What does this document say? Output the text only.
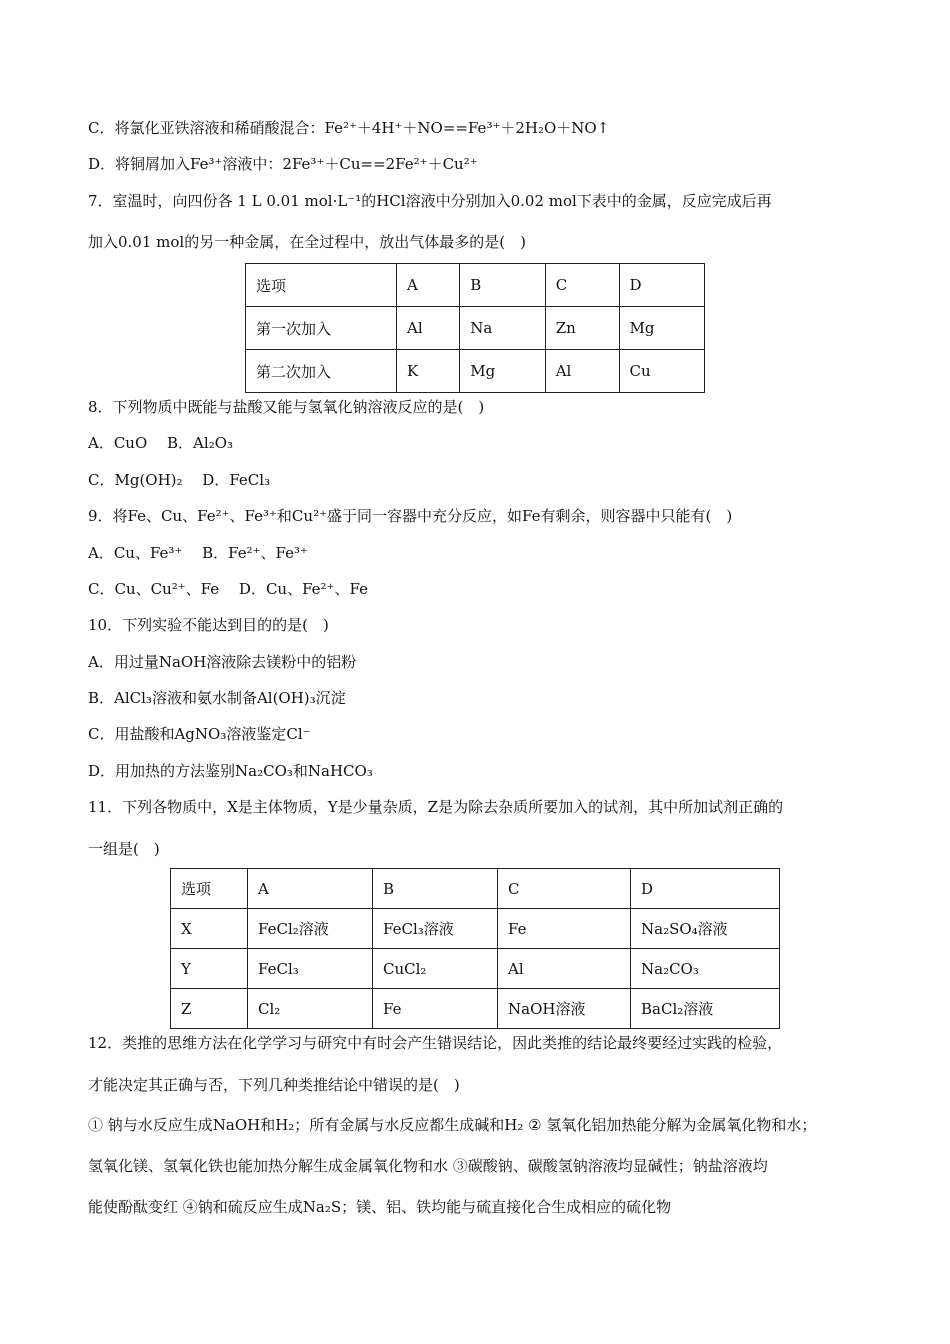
C．将氯化亚铁溶液和稀硝酸混合：Fe²⁺＋4H⁺＋NO==Fe³⁺＋2H₂O＋NO↑
D．将铜屑加入Fe³⁺溶液中：2Fe³⁺＋Cu==2Fe²⁺＋Cu²⁺
7．室温时，向四份各 1 L 0.01 mol·L⁻¹的HCl溶液中分别加入0.02 mol下表中的金属，反应完成后再
加入0.01 mol的另一种金属，在全过程中，放出气体最多的是(　)
选项	A	B	C	D
第一次加入	Al	Na	Zn	Mg
第二次加入	K	Mg	Al	Cu
8．下列物质中既能与盐酸又能与氢氧化钠溶液反应的是(　)
A．CuO　 B．Al₂O₃
C．Mg(OH)₂　 D．FeCl₃
9．将Fe、Cu、Fe²⁺、Fe³⁺和Cu²⁺盛于同一容器中充分反应，如Fe有剩余，则容器中只能有(　)
A．Cu、Fe³⁺　 B．Fe²⁺、Fe³⁺
C．Cu、Cu²⁺、Fe　 D．Cu、Fe²⁺、Fe
10．下列实验不能达到目的的是(　)
A．用过量NaOH溶液除去镁粉中的铝粉
B．AlCl₃溶液和氨水制备Al(OH)₃沉淀
C．用盐酸和AgNO₃溶液鉴定Cl⁻
D．用加热的方法鉴别Na₂CO₃和NaHCO₃
11．下列各物质中，X是主体物质，Y是少量杂质，Z是为除去杂质所要加入的试剂，其中所加试剂正确的
一组是(　)
选项	A	B	C	D
X	FeCl₂溶液	FeCl₃溶液	Fe	Na₂SO₄溶液
Y	FeCl₃	CuCl₂	Al	Na₂CO₃
Z	Cl₂	Fe	NaOH溶液	BaCl₂溶液
12．类推的思维方法在化学学习与研究中有时会产生错误结论，因此类推的结论最终要经过实践的检验，
才能决定其正确与否，下列几种类推结论中错误的是(　)
① 钠与水反应生成NaOH和H₂；所有金属与水反应都生成碱和H₂ ② 氢氧化铝加热能分解为金属氧化物和水；
氢氧化镁、氢氧化铁也能加热分解生成金属氧化物和水 ③碳酸钠、碳酸氢钠溶液均显碱性；钠盐溶液均
能使酚酞变红 ④钠和硫反应生成Na₂S；镁、铝、铁均能与硫直接化合生成相应的硫化物
